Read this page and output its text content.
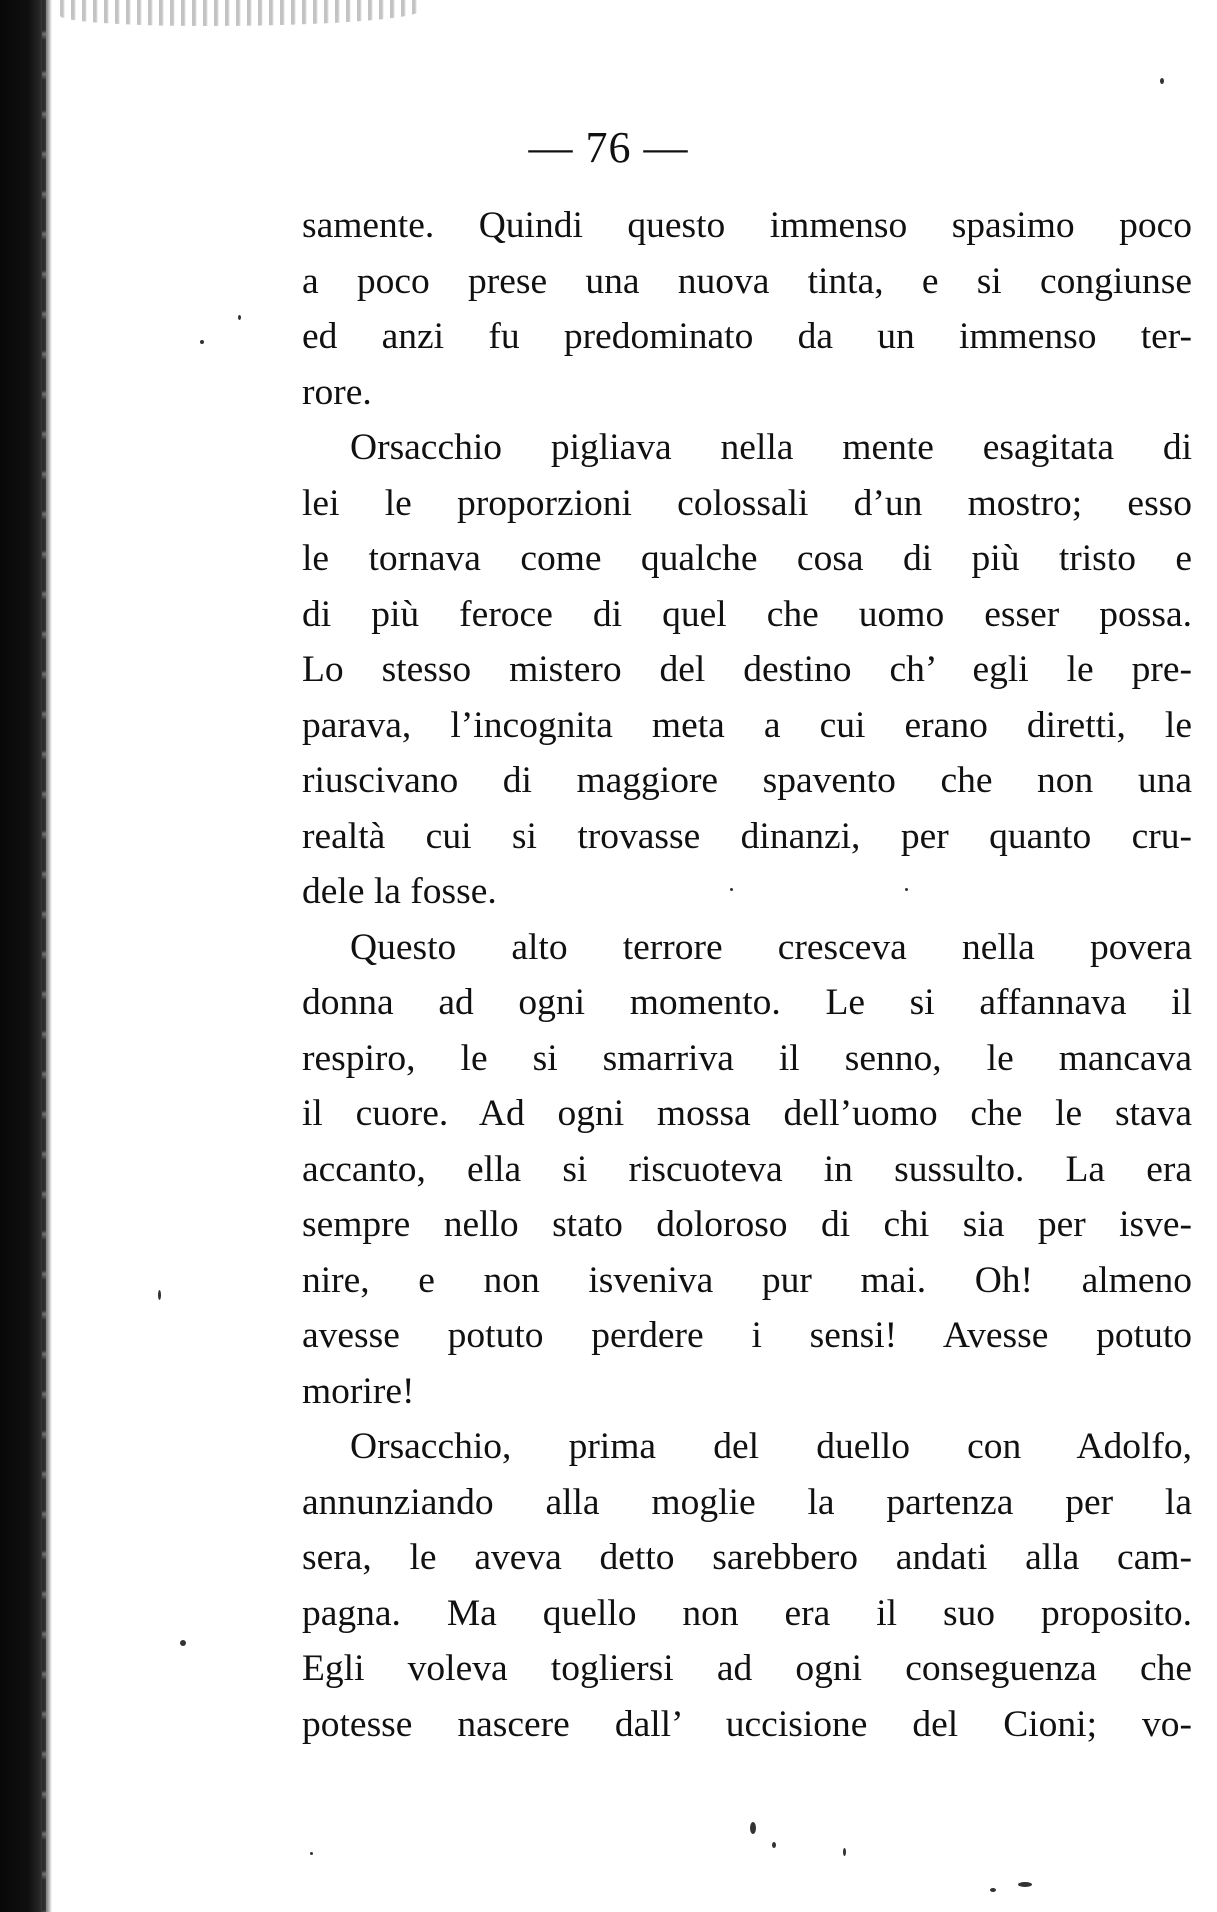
— 76 —
samente. Quindi questo immenso spasimo poco
a poco prese una nuova tinta, e si congiunse
ed anzi fu predominato da un immenso ter-
rore.
Orsacchio pigliava nella mente esagitata di
lei le proporzioni colossali d’un mostro; esso
le tornava come qualche cosa di più tristo e
di più feroce di quel che uomo esser possa.
Lo stesso mistero del destino ch’ egli le pre-
parava, l’incognita meta a cui erano diretti, le
riuscivano di maggiore spavento che non una
realtà cui si trovasse dinanzi, per quanto cru-
dele la fosse.
Questo alto terrore cresceva nella povera
donna ad ogni momento. Le si affannava il
respiro, le si smarriva il senno, le mancava
il cuore. Ad ogni mossa dell’uomo che le stava
accanto, ella si riscuoteva in sussulto. La era
sempre nello stato doloroso di chi sia per isve-
nire, e non isveniva pur mai. Oh! almeno
avesse potuto perdere i sensi! Avesse potuto
morire!
Orsacchio, prima del duello con Adolfo,
annunziando alla moglie la partenza per la
sera, le aveva detto sarebbero andati alla cam-
pagna. Ma quello non era il suo proposito.
Egli voleva togliersi ad ogni conseguenza che
potesse nascere dall’ uccisione del Cioni; vo-
